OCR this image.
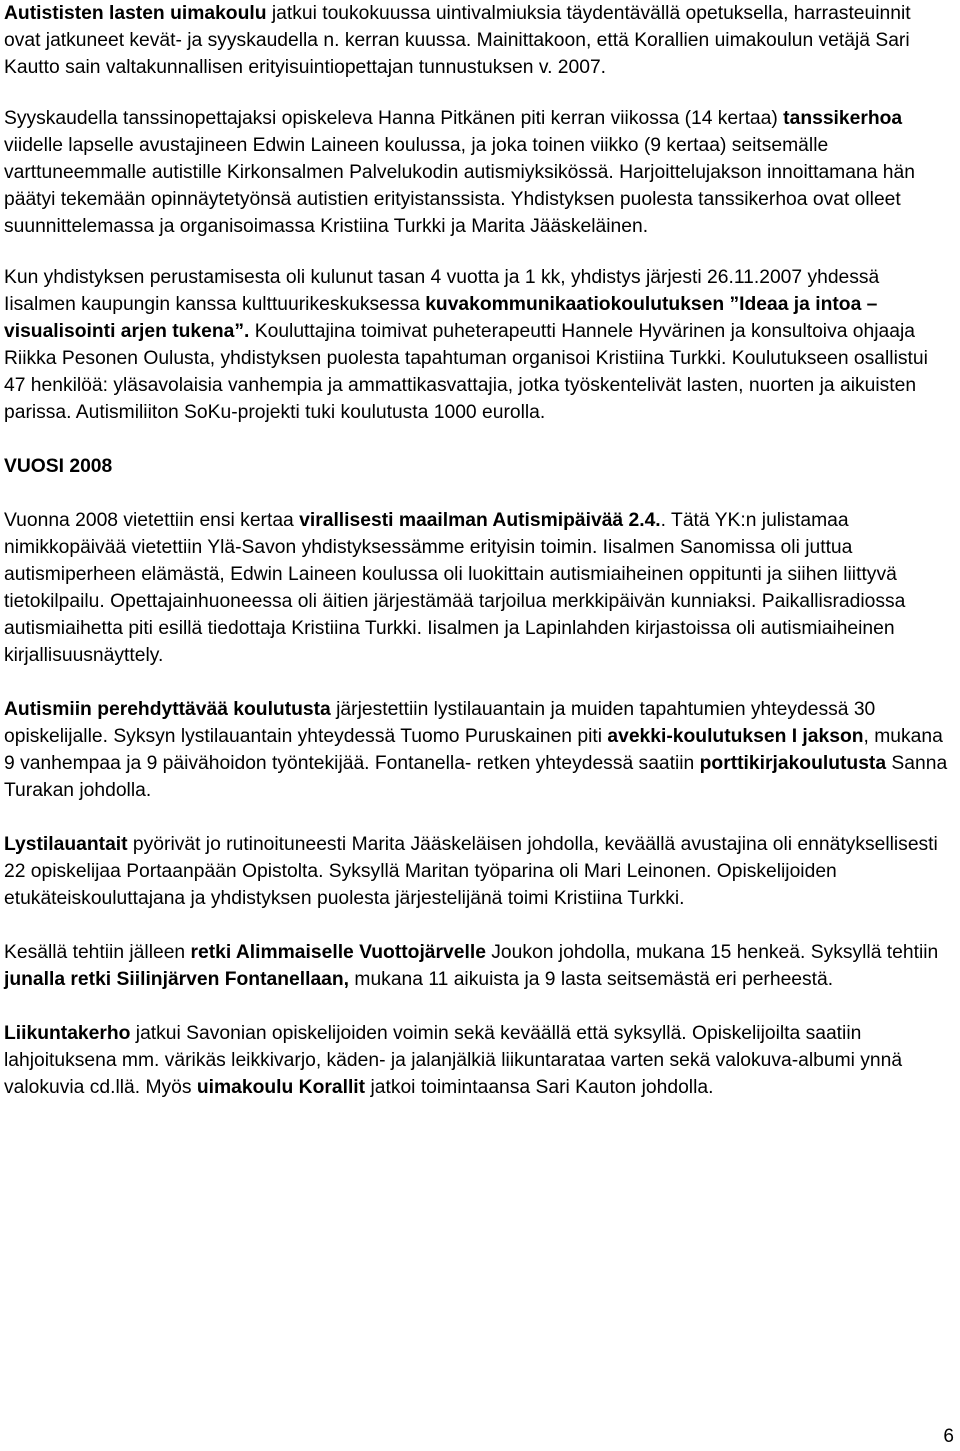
Autististen lasten uimakoulu jatkui toukokuussa uintivalmiuksia täydentävällä opetuksella, harrasteuinnit ovat jatkuneet kevät- ja syyskaudella n. kerran kuussa. Mainittakoon, että Korallien uimakoulun vetäjä Sari Kautto sain valtakunnallisen erityisuintiopettajan tunnustuksen v. 2007.

Syyskaudella tanssinopettajaksi opiskeleva Hanna Pitkänen piti kerran viikossa (14 kertaa) tanssikerhoa viidelle lapselle avustajineen Edwin Laineen koulussa, ja joka toinen viikko (9 kertaa) seitsemälle varttuneemmalle autistille Kirkonsalmen Palvelukodin autismiyksikössä. Harjoittelujakson innoittamana hän päätyi tekemään opinnäytetyönsä autistien erityistanssista. Yhdistyksen puolesta tanssikerhoa ovat olleet suunnittelemassa ja organisoimassa Kristiina Turkki ja Marita Jääskeläinen.

Kun yhdistyksen perustamisesta oli kulunut tasan 4 vuotta ja 1 kk, yhdistys järjesti 26.11.2007 yhdessä Iisalmen kaupungin kanssa kulttuurikeskuksessa kuvakommunikaatiokoulutuksen ”Ideaa ja intoa – visualisointi arjen tukena”. Kouluttajina toimivat puheterapeutti Hannele Hyvärinen ja konsultoiva ohjaaja Riikka Pesonen Oulusta, yhdistyksen puolesta tapahtuman organisoi Kristiina Turkki. Koulutukseen osallistui 47 henkilöä: yläsavolaisia vanhempia ja ammattikasvattajia, jotka työskentelivät lasten, nuorten ja aikuisten parissa. Autismiliiton SoKu-projekti tuki koulutusta 1000 eurolla.

VUOSI 2008

Vuonna 2008 vietettiin ensi kertaa virallisesti maailman Autismipäivää 2.4.. Tätä YK:n julistamaa nimikkopäivää vietettiin Ylä-Savon yhdistyksessämme erityisin toimin. Iisalmen Sanomissa oli juttua autismiperheen elämästä, Edwin Laineen koulussa oli luokittain autismiaiheinen oppitunti ja siihen liittyvä tietokilpailu. Opettajainhuoneessa oli äitien järjestämää tarjoilua merkkipäivän kunniaksi. Paikallisradiossa autismiaihetta piti esillä tiedottaja Kristiina Turkki. Iisalmen ja Lapinlahden kirjastoissa oli autismiaiheinen kirjallisuusnäyttely.

Autismiin perehdyttävää koulutusta järjestettiin lystilauantain ja muiden tapahtumien yhteydessä 30 opiskelijalle. Syksyn lystilauantain yhteydessä Tuomo Puruskainen piti avekki-koulutuksen I jakson, mukana 9 vanhempaa ja 9 päivähoidon työntekijää. Fontanella- retken yhteydessä saatiin porttikirjakoulutusta Sanna Turakan johdolla.

Lystilauantait pyörivät jo rutinoituneesti Marita Jääskeläisen johdolla, keväällä avustajina oli ennätyksellisesti 22 opiskelijaa Portaanpään Opistolta. Syksyllä Maritan työparina oli Mari Leinonen. Opiskelijoiden etukäteiskouluttajana ja yhdistyksen puolesta järjestelijänä toimi Kristiina Turkki.

Kesällä tehtiin jälleen retki Alimmaiselle Vuottojärvelle Joukon johdolla, mukana 15 henkeä. Syksyllä tehtiin junalla retki Siilinjärven Fontanellaan, mukana 11 aikuista ja 9 lasta seitsemästä eri perheestä.

Liikuntakerho jatkui Savonian opiskelijoiden voimin sekä keväällä että syksyllä. Opiskelijoilta saatiin lahjoituksena mm. värikäs leikkivarjo, käden- ja jalanjälkiä liikuntarataa varten sekä valokuva-albumi ynnä valokuvia cd.llä. Myös uimakoulu Korallit jatkoi toimintaansa Sari Kauton johdolla.

6
